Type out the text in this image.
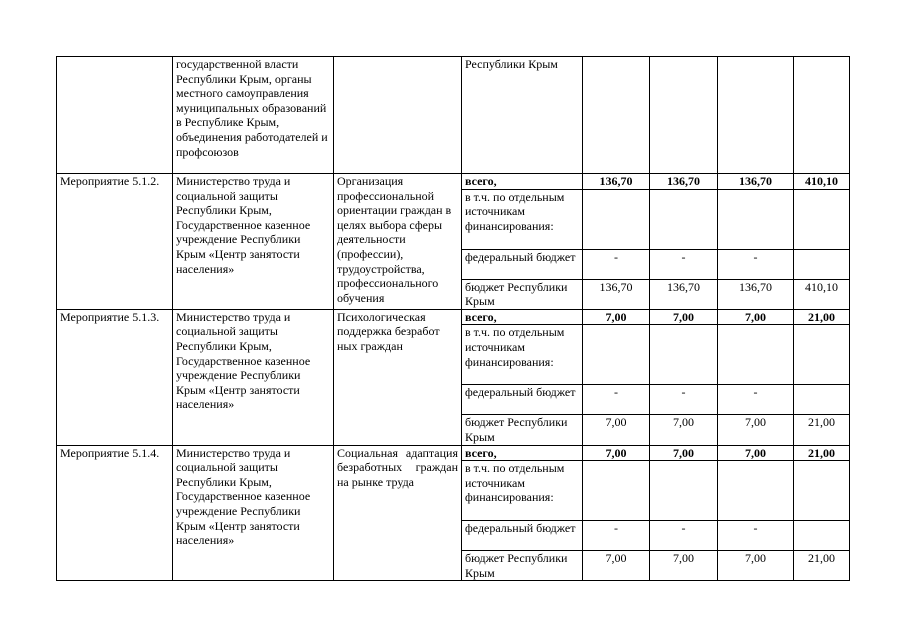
	государственной власти Республики Крым, органы местного самоуправления муниципальных образований в Республике Крым, объединения работодателей и профсоюзов		Республики Крым				
Мероприятие 5.1.2.	Министерство труда и социальной защиты Республики Крым, Государственное казенное учреждение Республики Крым «Центр занятости населения»	Организация профессиональной ориентации граждан в целях выбора сферы деятельности (профессии), трудоустройства, профессионального обучения	всего,	136,70	136,70	136,70	410,10
			в т.ч. по отдельным источникам финансирования:				
			федеральный бюджет	-	-	-	
			бюджет Республики Крым	136,70	136,70	136,70	410,10
Мероприятие 5.1.3.	Министерство труда и социальной защиты Республики Крым, Государственное казенное учреждение Республики Крым «Центр занятости населения»	Психологическая поддержка безработ ных граждан	всего,	7,00	7,00	7,00	21,00
			в т.ч. по отдельным источникам финансирования:				
			федеральный бюджет	-	-	-	
			бюджет Республики Крым	7,00	7,00	7,00	21,00
Мероприятие 5.1.4.	Министерство труда и социальной защиты Республики Крым, Государственное казенное учреждение Республики Крым «Центр занятости населения»	Социальная адаптация безработных граждан на рынке труда	всего,	7,00	7,00	7,00	21,00
			в т.ч. по отдельным источникам финансирования:				
			федеральный бюджет	-	-	-	
			бюджет Республики Крым	7,00	7,00	7,00	21,00
